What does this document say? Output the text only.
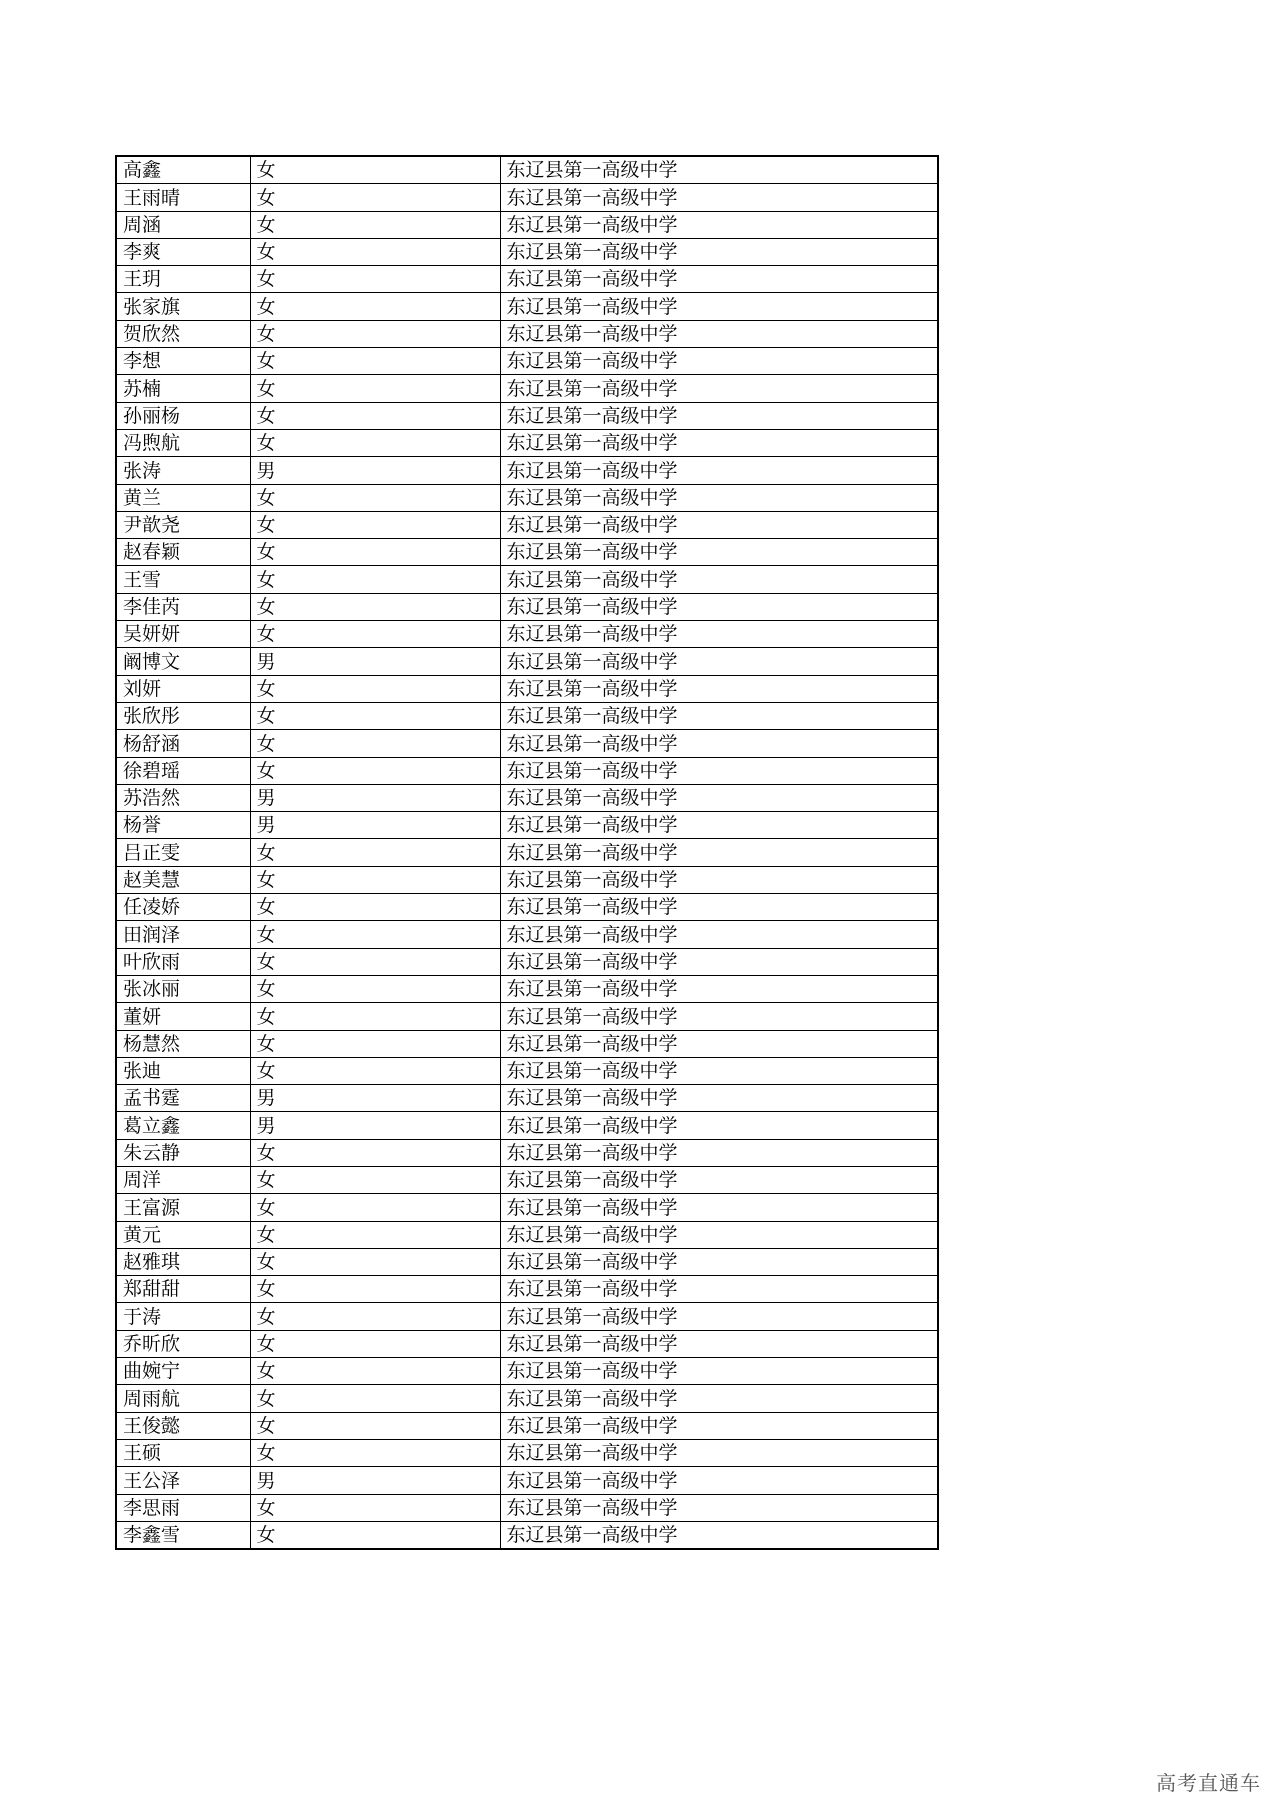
高鑫	女	东辽县第一高级中学
王雨晴	女	东辽县第一高级中学
周涵	女	东辽县第一高级中学
李爽	女	东辽县第一高级中学
王玥	女	东辽县第一高级中学
张家旗	女	东辽县第一高级中学
贺欣然	女	东辽县第一高级中学
李想	女	东辽县第一高级中学
苏楠	女	东辽县第一高级中学
孙丽杨	女	东辽县第一高级中学
冯煦航	女	东辽县第一高级中学
张涛	男	东辽县第一高级中学
黄兰	女	东辽县第一高级中学
尹歆尧	女	东辽县第一高级中学
赵春颖	女	东辽县第一高级中学
王雪	女	东辽县第一高级中学
李佳芮	女	东辽县第一高级中学
吴妍妍	女	东辽县第一高级中学
阚博文	男	东辽县第一高级中学
刘妍	女	东辽县第一高级中学
张欣彤	女	东辽县第一高级中学
杨舒涵	女	东辽县第一高级中学
徐碧瑶	女	东辽县第一高级中学
苏浩然	男	东辽县第一高级中学
杨誉	男	东辽县第一高级中学
吕正雯	女	东辽县第一高级中学
赵美慧	女	东辽县第一高级中学
任凌娇	女	东辽县第一高级中学
田润泽	女	东辽县第一高级中学
叶欣雨	女	东辽县第一高级中学
张冰丽	女	东辽县第一高级中学
董妍	女	东辽县第一高级中学
杨慧然	女	东辽县第一高级中学
张迪	女	东辽县第一高级中学
孟书霆	男	东辽县第一高级中学
葛立鑫	男	东辽县第一高级中学
朱云静	女	东辽县第一高级中学
周洋	女	东辽县第一高级中学
王富源	女	东辽县第一高级中学
黄元	女	东辽县第一高级中学
赵雅琪	女	东辽县第一高级中学
郑甜甜	女	东辽县第一高级中学
于涛	女	东辽县第一高级中学
乔昕欣	女	东辽县第一高级中学
曲婉宁	女	东辽县第一高级中学
周雨航	女	东辽县第一高级中学
王俊懿	女	东辽县第一高级中学
王硕	女	东辽县第一高级中学
王公泽	男	东辽县第一高级中学
李思雨	女	东辽县第一高级中学
李鑫雪	女	东辽县第一高级中学
高考直通车
